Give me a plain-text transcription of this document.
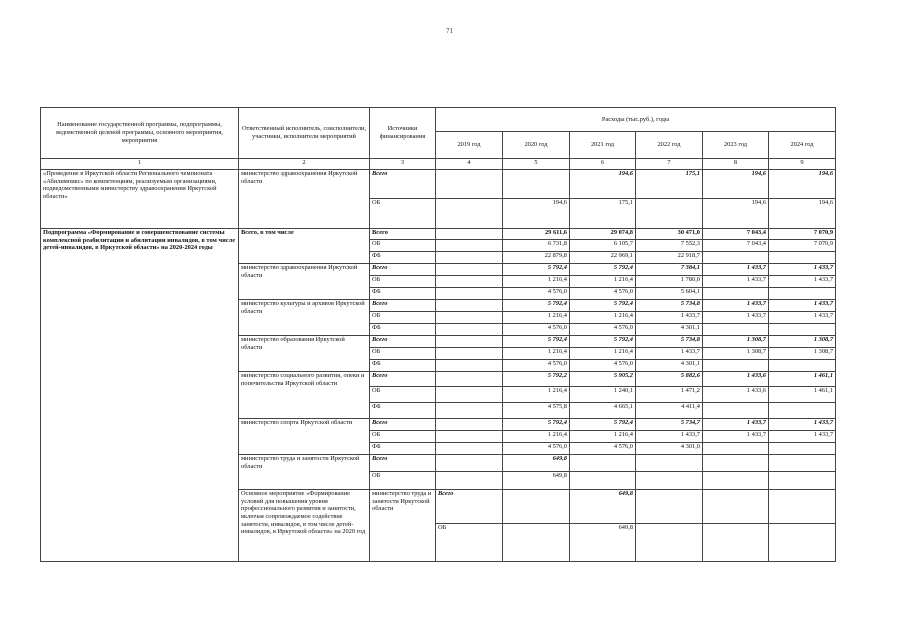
71
Наименование государственной программы, подпрограммы, ведомственной целевой программы, основного мероприятия, мероприятия	Ответственный исполнитель, соисполнители, участники, исполнители мероприятий	Источники финансирования	Расходы (тыс.руб.), годы						
			2019 год	2020 год	2021 год	2022 год	2023 год	2024 год	
1	2	3	4	5	6	7	8	9	
«Проведение в Иркутской области Регионального чемпионата «Абилимпикс» по компетенциям, реализуемым организациями, подведомственными министерству здравоохранения Иркутской области»	министерство здравоохранения Иркутской области	Всего			194,6	175,1	194,6	194,6	
		ОБ		194,6	175,1		194,6	194,6	
Подпрограмма «Формирование и совершенствование системы комплексной реабилитации и абилитации инвалидов, в том числе детей-инвалидов, в Иркутской области» на 2020-2024 годы	Всего, в том числе	Всего		29 611,6	29 074,8	30 471,0	7 043,4	7 070,9	
		ОБ		6 731,8	6 105,7	7 552,3	7 043,4	7 070,9	
		ФБ		22 879,8	22 969,1	22 918,7			
	министерство здравоохранения Иркутской области	Всего		5 792,4	5 792,4	7 384,1	1 433,7	1 433,7	
		ОБ		1 216,4	1 216,4	1 780,0	1 433,7	1 433,7	
		ФБ		4 576,0	4 576,0	5 604,1			
	министерство культуры и архивов Иркутской области	Всего		5 792,4	5 792,4	5 734,8	1 433,7	1 433,7	
		ОБ		1 216,4	1 216,4	1 433,7	1 433,7	1 433,7	
		ФБ		4 576,0	4 576,0	4 301,1			
	министерство образования Иркутской области	Всего		5 792,4	5 792,4	5 734,8	1 308,7	1 308,7	
		ОБ		1 216,4	1 216,4	1 433,7	1 308,7	1 308,7	
		ФБ		4 576,0	4 576,0	4 301,1			
	министерство социального развития, опеки и попечительства Иркутской области	Всего		5 792,2	5 905,2	5 882,6	1 433,6	1 461,1	
		ОБ		1 216,4	1 240,1	1 471,2	1 433,6	1 461,1	
		ФБ		4 575,8	4 665,1	4 411,4			
	министерство спорта Иркутской области	Всего		5 792,4	5 792,4	5 734,7	1 433,7	1 433,7	
		ОБ		1 216,4	1 216,4	1 433,7	1 433,7	1 433,7	
		ФБ		4 576,0	4 576,0	4 301,0			
	министерство труда и занятости Иркутской области	Всего		649,8					
		ОБ		649,8					
	Основное мероприятие «Формирование условий для повышения уровня профессионального развития и занятости, включая сопровождаемое содействие занятости, инвалидов, в том числе детей-инвалидов, в Иркутской области» на 2020 год	министерство труда и занятости Иркутской области	Всего		649,8				
			ОБ		649,8				
